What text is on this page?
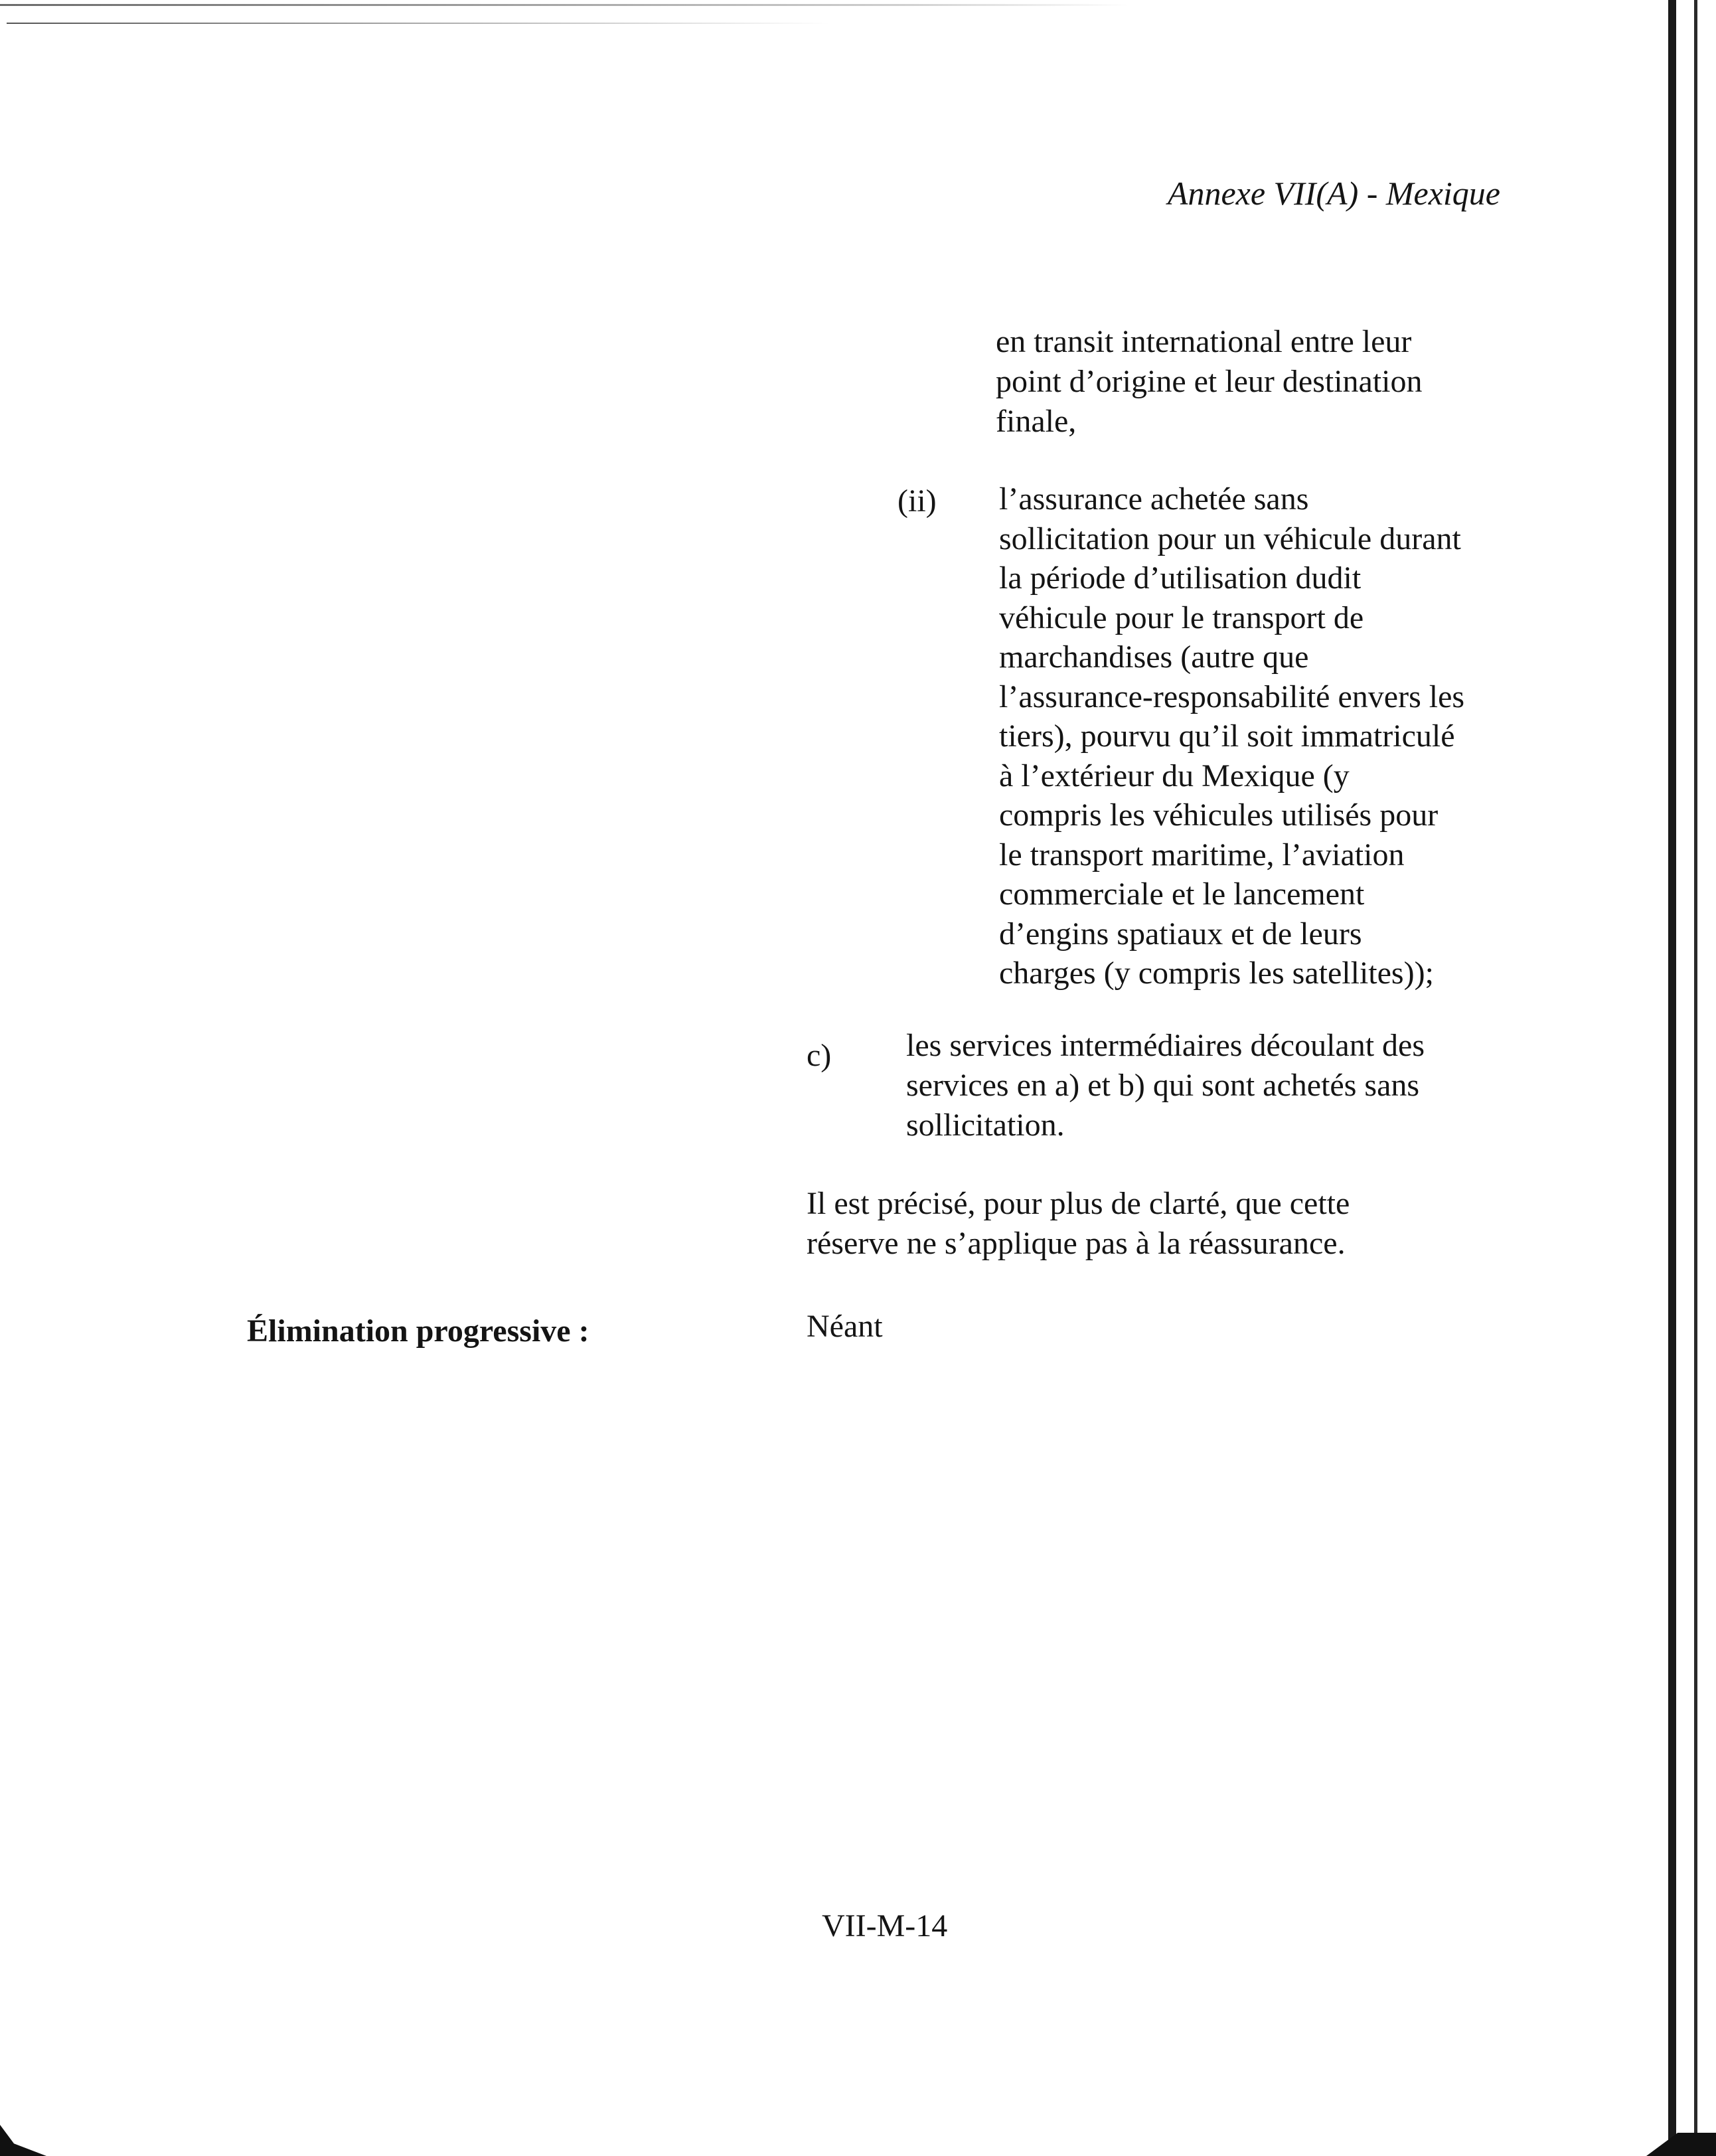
Annexe VII(A) - Mexique
en transit international entre leur
point d’origine et leur destination
finale,
(ii) l’assurance achetée sans
sollicitation pour un véhicule durant
la période d’utilisation dudit
véhicule pour le transport de
marchandises (autre que
l’assurance-responsabilité envers les
tiers), pourvu qu’il soit immatriculé
à l’extérieur du Mexique (y
compris les véhicules utilisés pour
le transport maritime, l’aviation
commerciale et le lancement
d’engins spatiaux et de leurs
charges (y compris les satellites));
c) les services intermédiaires découlant des
services en a) et b) qui sont achetés sans
sollicitation.
Il est précisé, pour plus de clarté, que cette
réserve ne s’applique pas à la réassurance.
Élimination progressive :	Néant
VII-M-14
